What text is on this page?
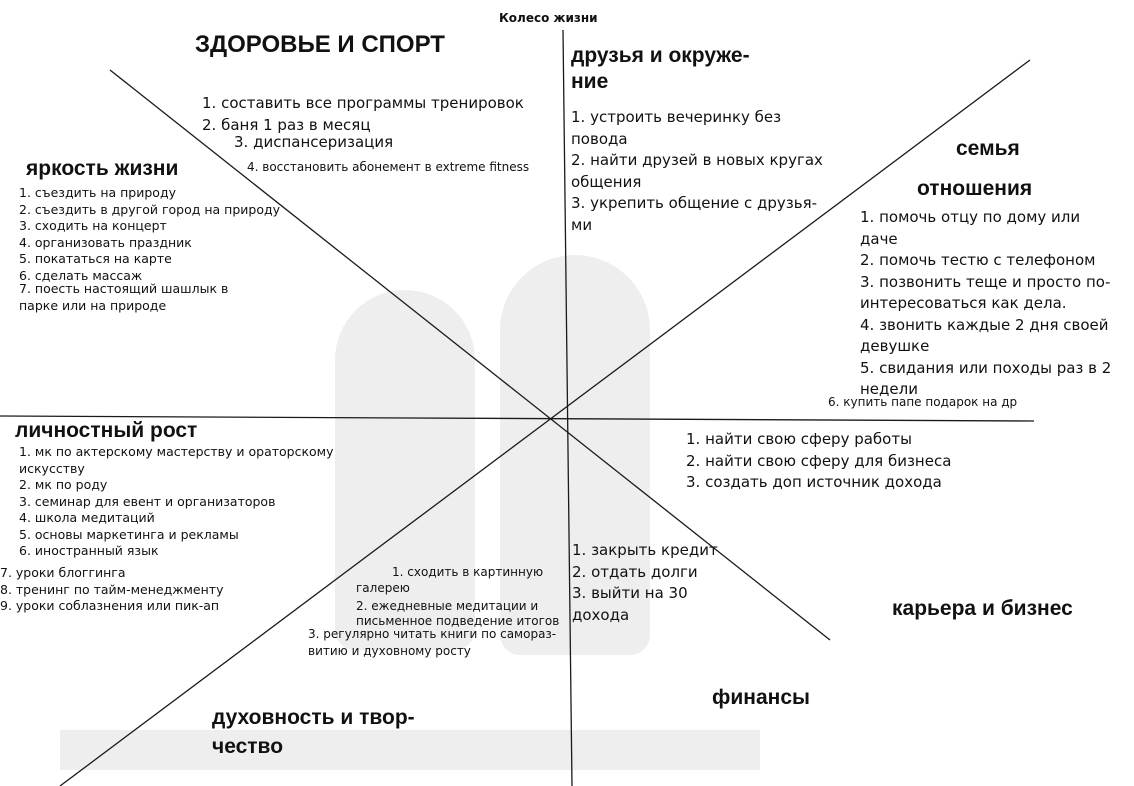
Колесо жизни
ЗДОРОВЬЕ И СПОРТ
1. составить все программы тренировок
2. баня 1 раз в месяц
3. диспансеризация
4. восстановить абонемент в extreme fitness
друзья и окруже-
ние
1. устроить вечеринку без
повода
2. найти друзей в новых кругах
общения
3. укрепить общение с друзья-
ми
семья
отношения
1. помочь отцу по дому или
даче
2. помочь тестю с телефоном
3. позвонить теще и просто по-
интересоваться как дела.
4. звонить каждые 2 дня своей
девушке
5. свидания или походы раз в 2
недели
6. купить папе подарок на др
яркость жизни
1. съездить на природу
2. съездить в другой город на природу
3. сходить на концерт
4. организовать праздник
5. покататься на карте
6. сделать массаж
7. поесть настоящий шашлык в
парке или на природе
личностный рост
1. мк по актерскому мастерству и ораторскому
искусству
2. мк по роду
3. семинар для евент и организаторов
4. школа медитаций
5. основы маркетинга и рекламы
6. иностранный язык
7. уроки блоггинга
8. тренинг по тайм-менеджменту
9. уроки соблазнения или пик-ап
1. найти свою сферу работы
2. найти свою сферу для бизнеса
3. создать доп источник дохода
карьера и бизнес
1. закрыть кредит
2. отдать долги
3. выйти на 30
дохода
финансы
1. сходить в картинную
галерею
2. ежедневные медитации и
письменное подведение итогов
3. регулярно читать книги по самораз-
витию и духовному росту
духовность и твор-
чество
